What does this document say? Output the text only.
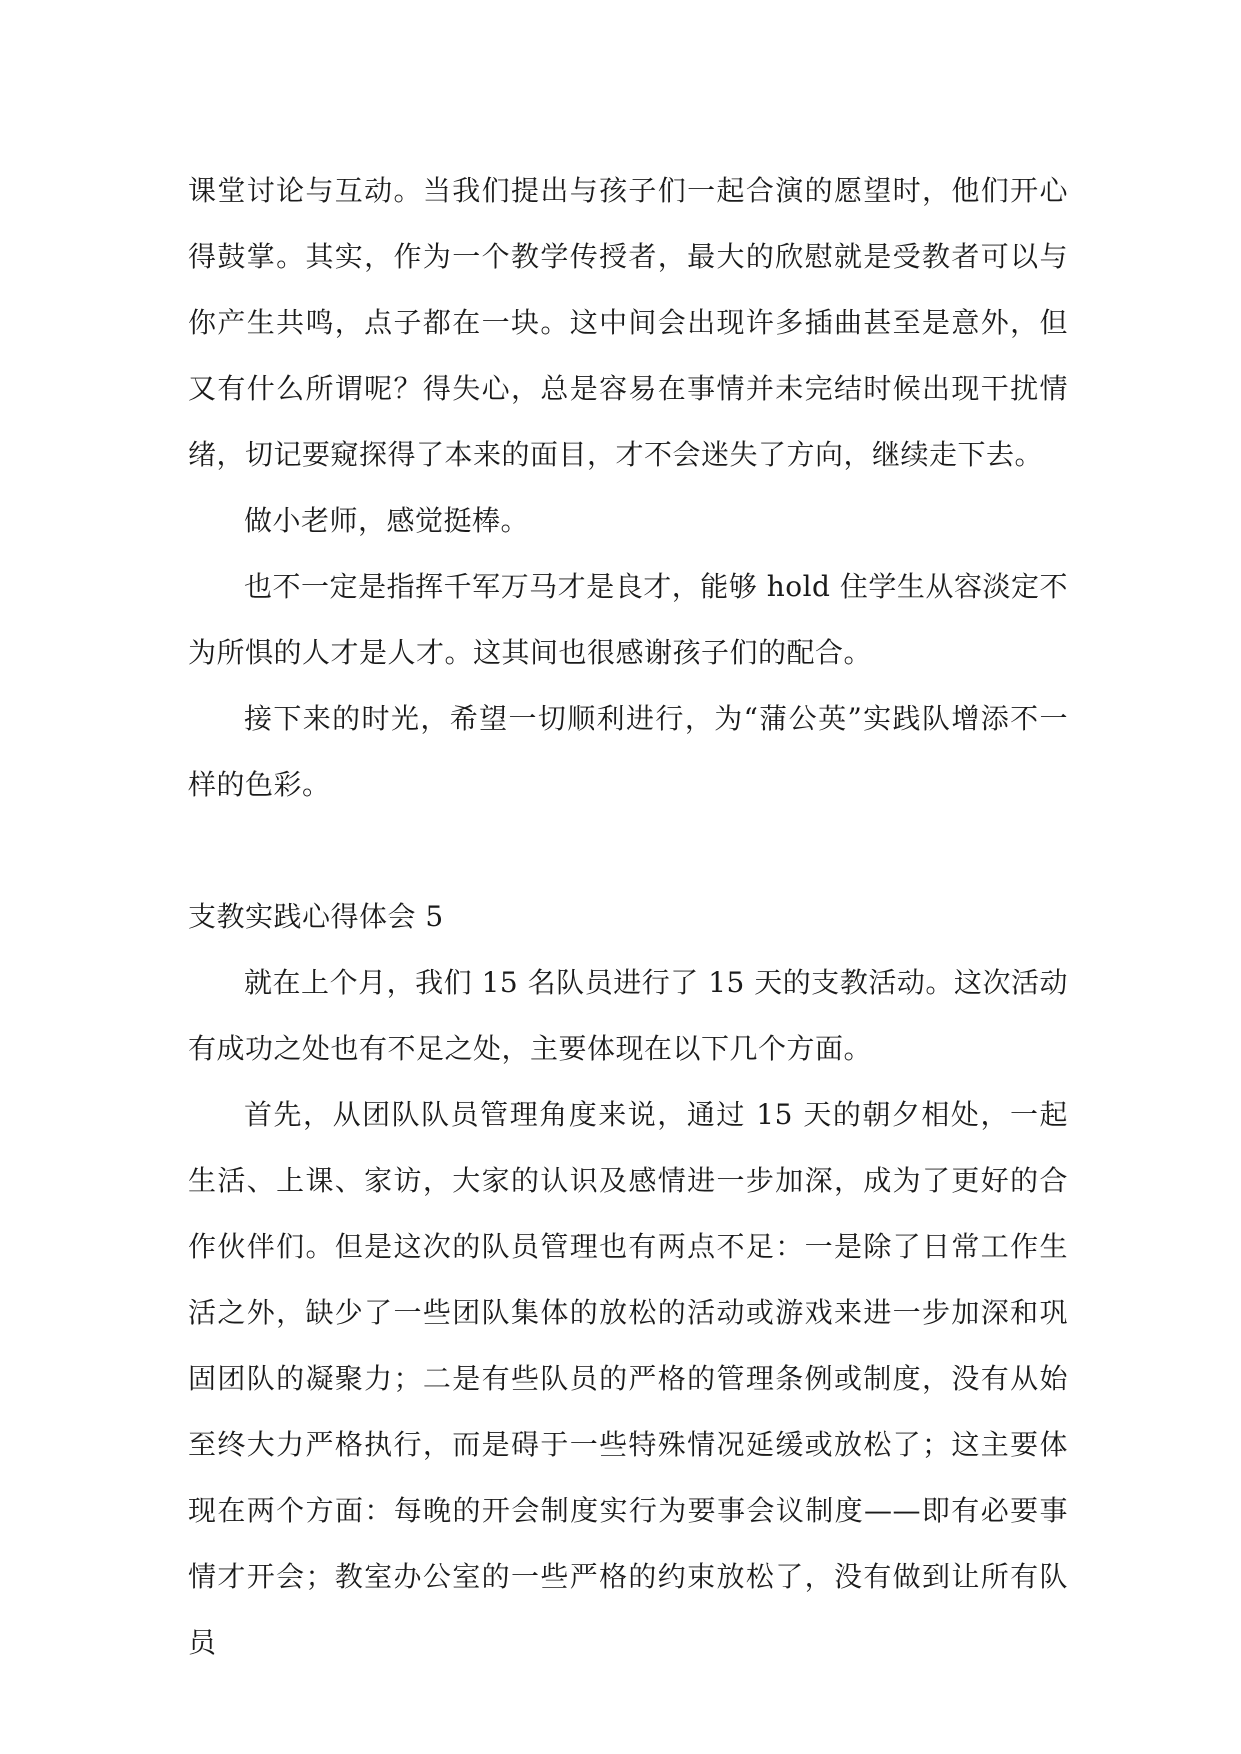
课堂讨论与互动。当我们提出与孩子们一起合演的愿望时，他们开心得鼓掌。其实，作为一个教学传授者，最大的欣慰就是受教者可以与你产生共鸣，点子都在一块。这中间会出现许多插曲甚至是意外，但又有什么所谓呢？得失心，总是容易在事情并未完结时候出现干扰情绪，切记要窥探得了本来的面目，才不会迷失了方向，继续走下去。

做小老师，感觉挺棒。

也不一定是指挥千军万马才是良才，能够 hold 住学生从容淡定不为所惧的人才是人才。这其间也很感谢孩子们的配合。

接下来的时光，希望一切顺利进行，为“蒲公英”实践队增添不一样的色彩。

支教实践心得体会 5

就在上个月，我们 15 名队员进行了 15 天的支教活动。这次活动有成功之处也有不足之处，主要体现在以下几个方面。

首先，从团队队员管理角度来说，通过 15 天的朝夕相处，一起生活、上课、家访，大家的认识及感情进一步加深，成为了更好的合作伙伴们。但是这次的队员管理也有两点不足：一是除了日常工作生活之外，缺少了一些团队集体的放松的活动或游戏来进一步加深和巩固团队的凝聚力；二是有些队员的严格的管理条例或制度，没有从始至终大力严格执行，而是碍于一些特殊情况延缓或放松了；这主要体现在两个方面：每晚的开会制度实行为要事会议制度——即有必要事情才开会；教室办公室的一些严格的约束放松了，没有做到让所有队员
